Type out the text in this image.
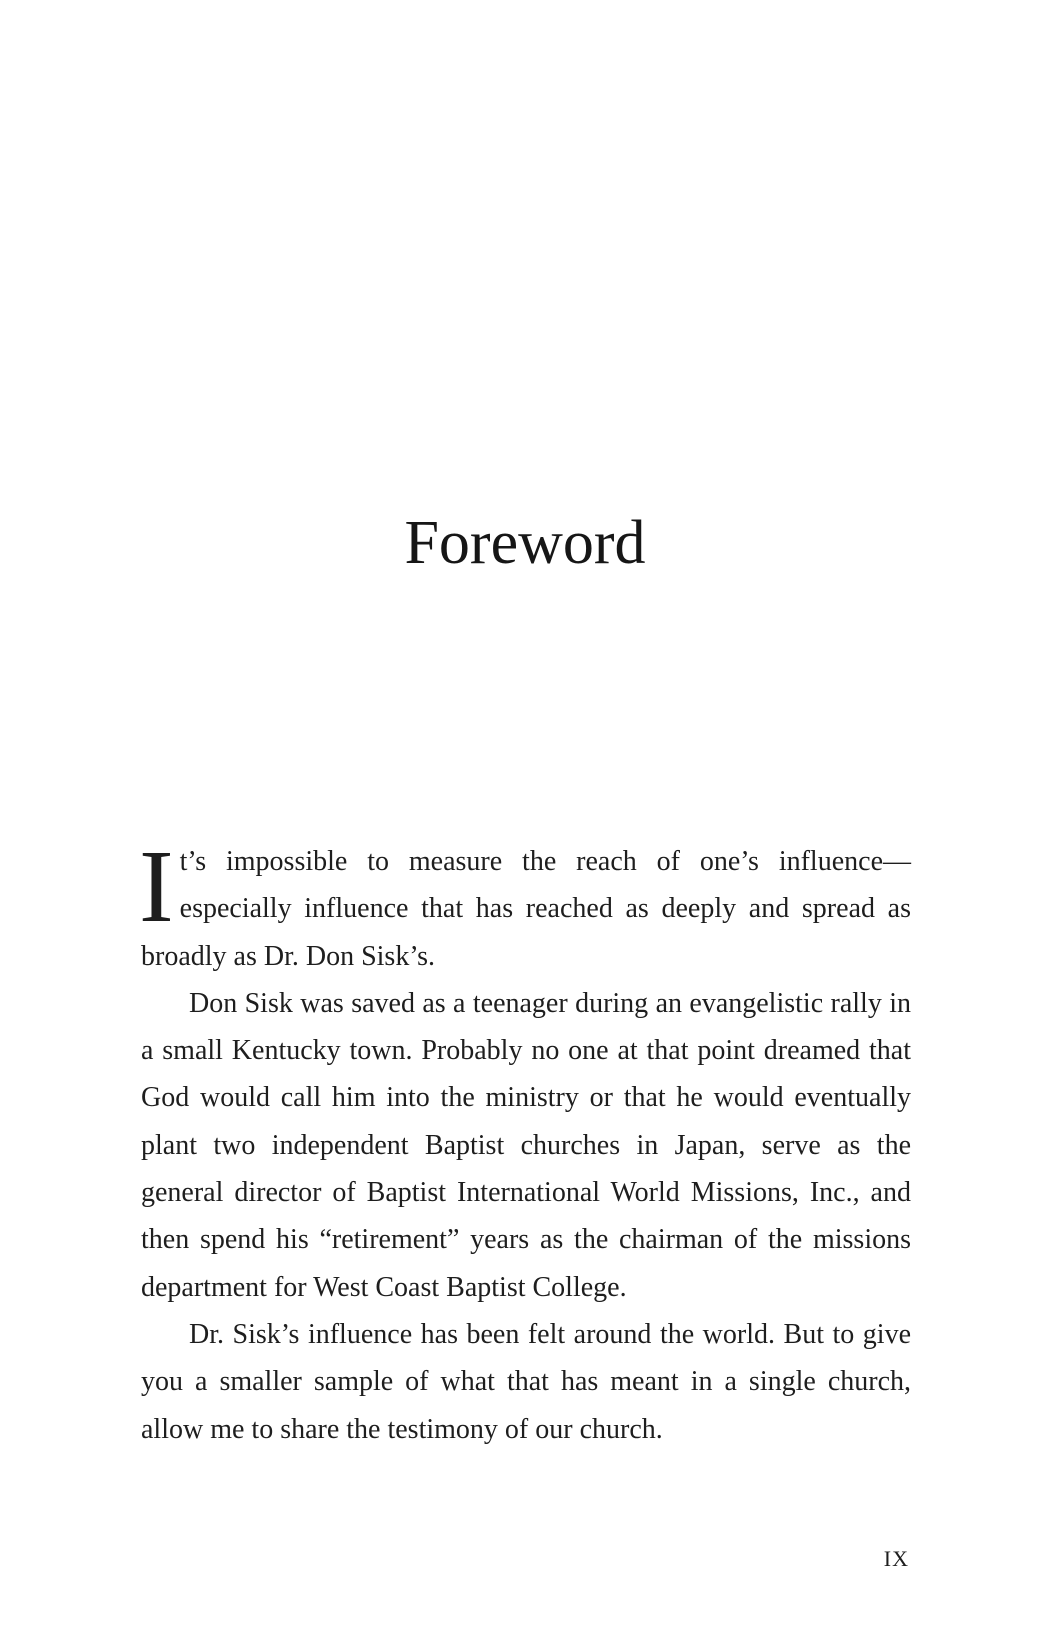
Foreword

It’s impossible to measure the reach of one’s influence—especially influence that has reached as deeply and spread as broadly as Dr. Don Sisk’s.

Don Sisk was saved as a teenager during an evangelistic rally in a small Kentucky town. Probably no one at that point dreamed that God would call him into the ministry or that he would eventually plant two independent Baptist churches in Japan, serve as the general director of Baptist International World Missions, Inc., and then spend his “retirement” years as the chairman of the missions department for West Coast Baptist College.

Dr. Sisk’s influence has been felt around the world. But to give you a smaller sample of what that has meant in a single church, allow me to share the testimony of our church.

IX
